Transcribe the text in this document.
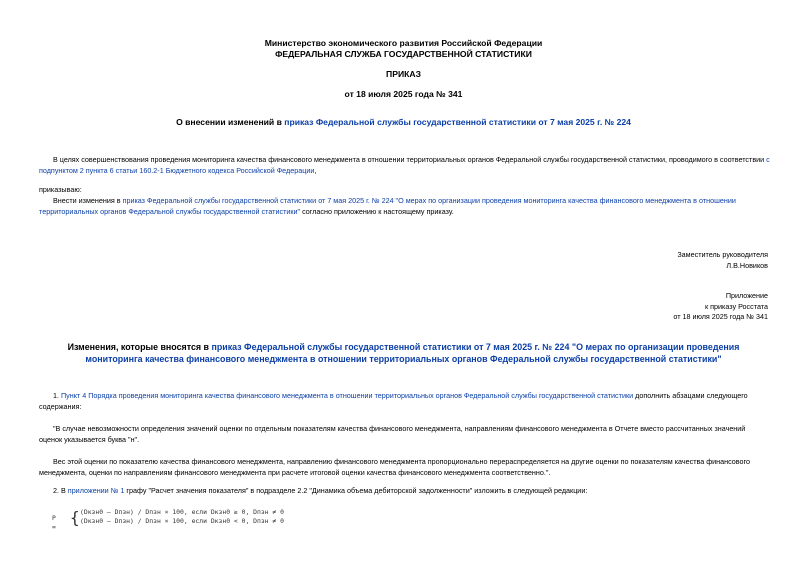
Министерство экономического развития Российской Федерации
ФЕДЕРАЛЬНАЯ СЛУЖБА ГОСУДАРСТВЕННОЙ СТАТИСТИКИ
ПРИКАЗ
от 18 июля 2025 года № 341
О внесении изменений в приказ Федеральной службы государственной статистики от 7 мая 2025 г. № 224
В целях совершенствования проведения мониторинга качества финансового менеджмента в отношении территориальных органов Федеральной службы государственной статистики, проводимого в соответствии с подпунктом 2 пункта 6 статьи 160.2-1 Бюджетного кодекса Российской Федерации,
приказываю:
Внести изменения в приказ Федеральной службы государственной статистики от 7 мая 2025 г. № 224 "О мерах по организации проведения мониторинга качества финансового менеджмента в отношении территориальных органов Федеральной службы государственной статистики" согласно приложению к настоящему приказу.
Заместитель руководителя
Л.В.Новиков
Приложение
к приказу Росстата
от 18 июля 2025 года № 341
Изменения, которые вносятся в приказ Федеральной службы государственной статистики от 7 мая 2025 г. № 224 "О мерах по организации проведения мониторинга качества финансового менеджмента в отношении территориальных органов Федеральной службы государственной статистики"
1. Пункт 4 Порядка проведения мониторинга качества финансового менеджмента в отношении территориальных органов Федеральной службы государственной статистики дополнить абзацами следующего содержания:
"В случае невозможности определения значений оценки по отдельным показателям качества финансового менеджмента, направлениям финансового менеджмента в Отчете вместо рассчитанных значений оценок указывается буква "н".
Вес этой оценки по показателю качества финансового менеджмента, направлению финансового менеджмента пропорционально перераспределяется на другие оценки по показателям качества финансового менеджмента, оценки по направлениям финансового менеджмента при расчете итоговой оценки качества финансового менеджмента соответственно.".
2. В приложении № 1 графу "Расчет значения показателя" в подразделе 2.2 "Динамика объема дебиторской задолженности" изложить в следующей редакции:
P = { (Dкзн0 – Dпзн) / Dпзн × 100, если Dкзн0 ≥ 0, Dпзн ≠ 0
(Dкзн0 – Dпзн) / Dпзн × 100, если Dкзн0 < 0, Dпзн ≠ 0
